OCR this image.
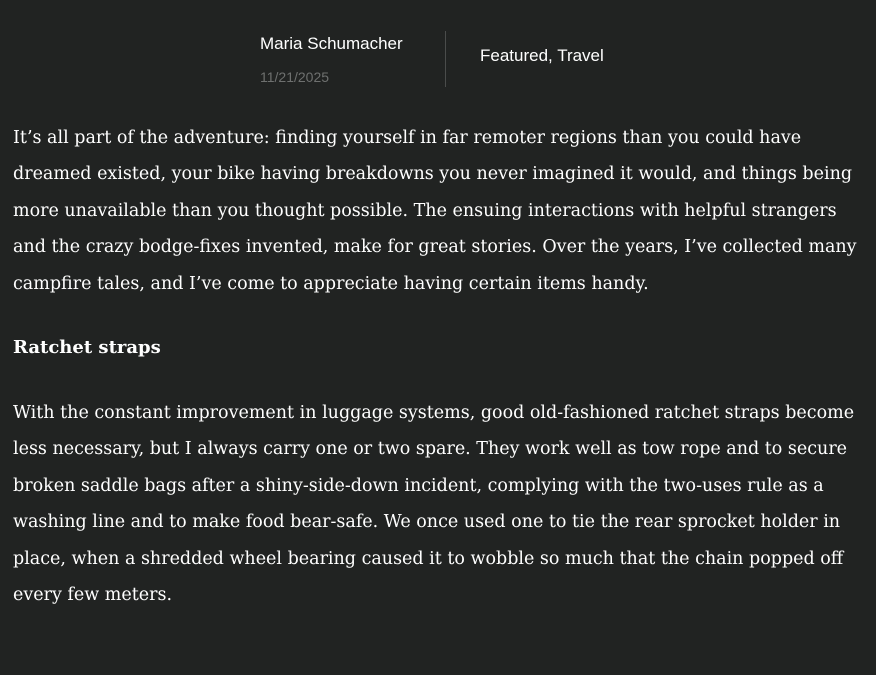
Maria Schumacher
11/21/2025
Featured, Travel

It’s all part of the adventure: finding yourself in far remoter regions than you could have dreamed existed, your bike having breakdowns you never imagined it would, and things being more unavailable than you thought possible. The ensuing interactions with helpful strangers and the crazy bodge-fixes invented, make for great stories. Over the years, I’ve collected many campfire tales, and I’ve come to appreciate having certain items handy.

Ratchet straps

With the constant improvement in luggage systems, good old-fashioned ratchet straps become less necessary, but I always carry one or two spare. They work well as tow rope and to secure broken saddle bags after a shiny-side-down incident, complying with the two-uses rule as a washing line and to make food bear-safe. We once used one to tie the rear sprocket holder in place, when a shredded wheel bearing caused it to wobble so much that the chain popped off every few meters.
